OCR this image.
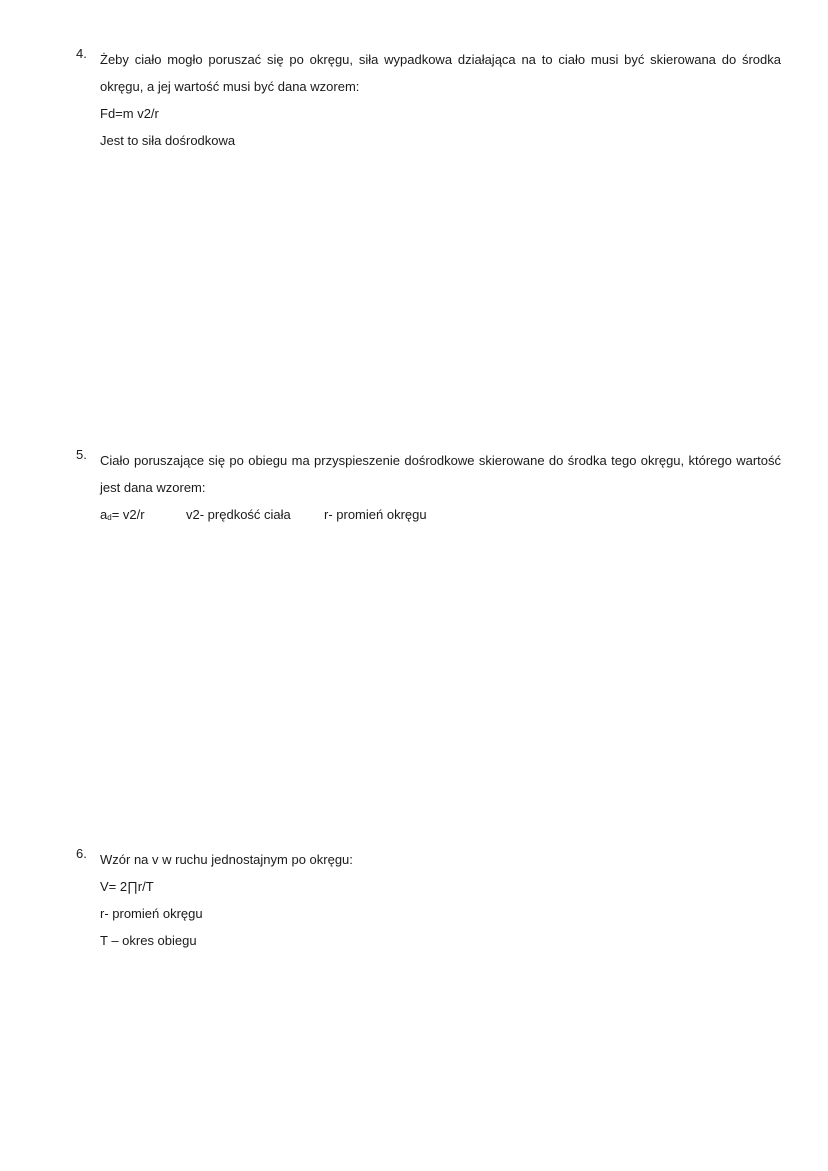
4.	Żeby ciało mogło poruszać się po okręgu, siła wypadkowa działająca na to ciało musi być skierowana do środka okręgu, a jej wartość musi być dana wzorem:
Fd=m v2/r
Jest to siła dośrodkowa
5.	Ciało poruszające się po obiegu ma przyspieszenie dośrodkowe skierowane do środka tego okręgu, którego wartość jest dana wzorem:
$a_d= v2/r$	v2- prędkość ciała	r- promień okręgu
6.	Wzór na v w ruchu jednostajnym po okręgu:
V= 2∏r/T
r- promień okręgu
T – okres obiegu
